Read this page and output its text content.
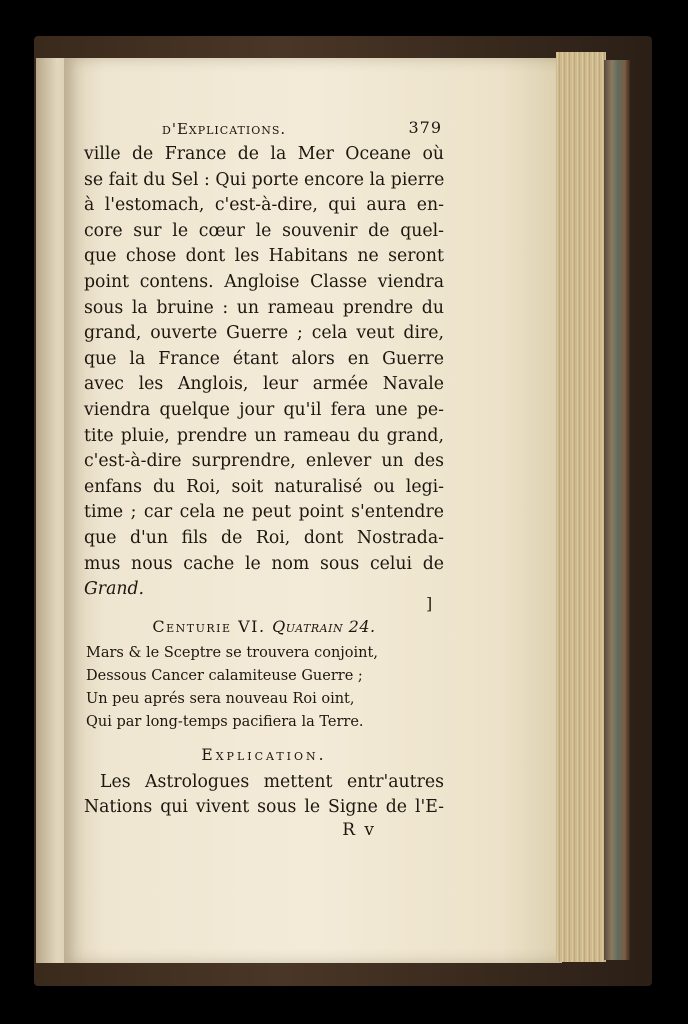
d'Explications.	379
ville de France de la Mer Oceane où
se fait du Sel : Qui porte encore la pierre
à l'estomach, c'est-à-dire, qui aura en-
core sur le cœur le souvenir de quel-
que chose dont les Habitans ne seront
point contens. Angloise Classe viendra
sous la bruine : un rameau prendre du
grand, ouverte Guerre ; cela veut dire,
que la France étant alors en Guerre
avec les Anglois, leur armée Navale
viendra quelque jour qu'il fera une pe-
tite pluie, prendre un rameau du grand,
c'est-à-dire surprendre, enlever un des
enfans du Roi, soit naturalisé ou legi-
time ; car cela ne peut point s'entendre
que d'un fils de Roi, dont Nostrada-
mus nous cache le nom sous celui de
Grand.
Centurie VI. Quatrain 24.
Mars & le Sceptre se trouvera conjoint,
Dessous Cancer calamiteuse Guerre ;
Un peu aprés sera nouveau Roi oint,
Qui par long-temps pacifiera la Terre.
Explication.
Les Astrologues mettent entr'autres
Nations qui vivent sous le Signe de l'E-
R v
]
